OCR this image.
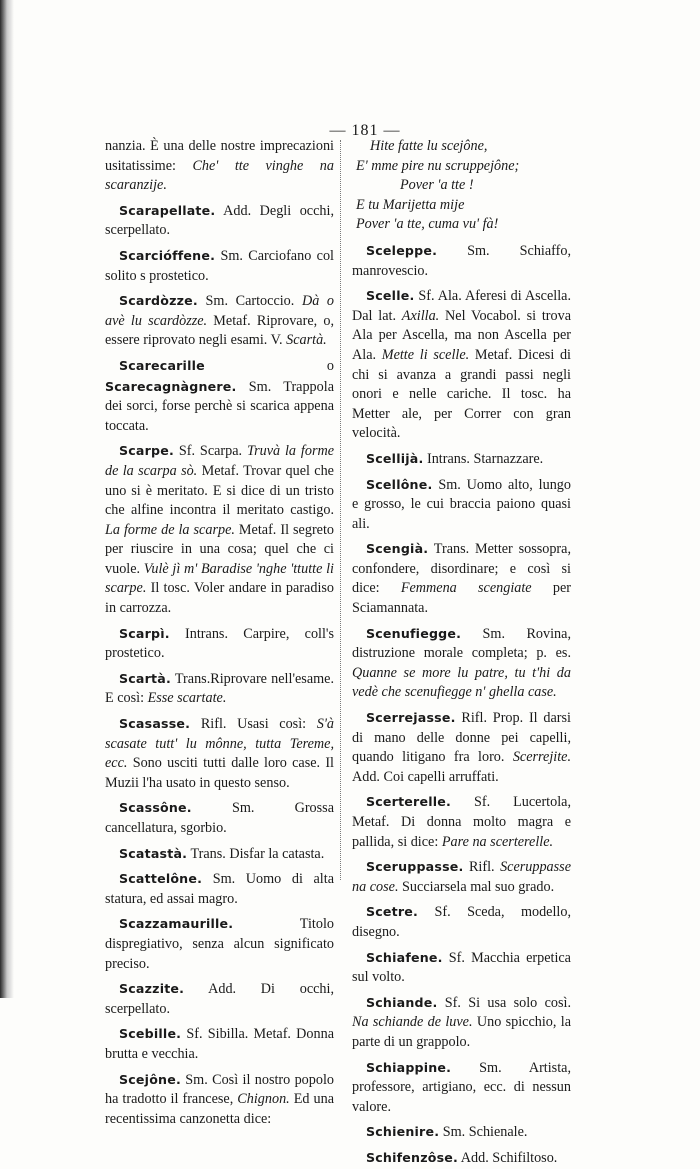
— 181 —

nanzia. È una delle nostre imprecazioni usitatissime: Che' tte vinghe na scaranzije.

Scarapellate. Add. Degli occhi, scerpellato.

Scarcióffene. Sm. Carciofano col solito s prostetico.

Scardòzze. Sm. Cartoccio. Dà o avè lu scardòzze. Metaf. Riprovare, o, essere riprovato negli esami. V. Scartà.

Scarecarille o Scarecagnàgnere. Sm. Trappola dei sorci, forse perchè si scarica appena toccata.

Scarpe. Sf. Scarpa. Truvà la forme de la scarpa sò. Metaf. Trovar quel che uno si è meritato. E si dice di un tristo che alfine incontra il meritato castigo. La forme de la scarpe. Metaf. Il segreto per riuscire in una cosa; quel che ci vuole. Vulè jì m' Baradise 'nghe 'ttutte li scarpe. Il tosc. Voler andare in paradiso in carrozza.

Scarpì. Intrans. Carpire, coll's prostetico.

Scartà. Trans.Riprovare nell'esame. E così: Esse scartate.

Scasasse. Rifl. Usasi così: S'à scasate tutt' lu mônne, tutta Tereme, ecc. Sono usciti tutti dalle loro case. Il Muzii l'ha usato in questo senso.

Scassône. Sm. Grossa cancellatura, sgorbio.

Scatastà. Trans. Disfar la catasta.

Scattelône. Sm. Uomo di alta statura, ed assai magro.

Scazzamaurille. Titolo dispregiativo, senza alcun significato preciso.

Scazzite. Add. Di occhi, scerpellato.

Scebille. Sf. Sibilla. Metaf. Donna brutta e vecchia.

Scejône. Sm. Così il nostro popolo ha tradotto il francese, Chignon. Ed una recentissima canzonetta dice:

Hite fatte lu scejône,
E' mme pire nu scruppejône;
Pover 'a tte !
E tu Marijetta mije
Pover 'a tte, cuma vu' fà!

Sceleppe. Sm. Schiaffo, manrovescio.

Scelle. Sf. Ala. Aferesi di Ascella. Dal lat. Axilla. Nel Vocabol. si trova Ala per Ascella, ma non Ascella per Ala. Mette li scelle. Metaf. Dicesi di chi si avanza a grandi passi negli onori e nelle cariche. Il tosc. ha Metter ale, per Correr con gran velocità.

Scellijà. Intrans. Starnazzare.

Scellône. Sm. Uomo alto, lungo e grosso, le cui braccia paiono quasi ali.

Scengià. Trans. Metter sossopra, confondere, disordinare; e così si dice: Femmena scengiate per Sciamannata.

Scenufiegge. Sm. Rovina, distruzione morale completa; p. es. Quanne se more lu patre, tu t'hi da vedè che scenufiegge n' ghella case.

Scerrejasse. Rifl. Prop. Il darsi di mano delle donne pei capelli, quando litigano fra loro. Scerrejite. Add. Coi capelli arruffati.

Scerterelle. Sf. Lucertola, Metaf. Di donna molto magra e pallida, si dice: Pare na scerterelle.

Sceruppasse. Rifl. Sceruppasse na cose. Succiarsela mal suo grado.

Scetre. Sf. Sceda, modello, disegno.

Schiafene. Sf. Macchia erpetica sul volto.

Schiande. Sf. Si usa solo così. Na schiande de luve. Uno spicchio, la parte di un grappolo.

Schiappine. Sm. Artista, professore, artigiano, ecc. di nessun valore.

Schienire. Sm. Schienale.

Schifenzôse. Add. Schifiltoso.
